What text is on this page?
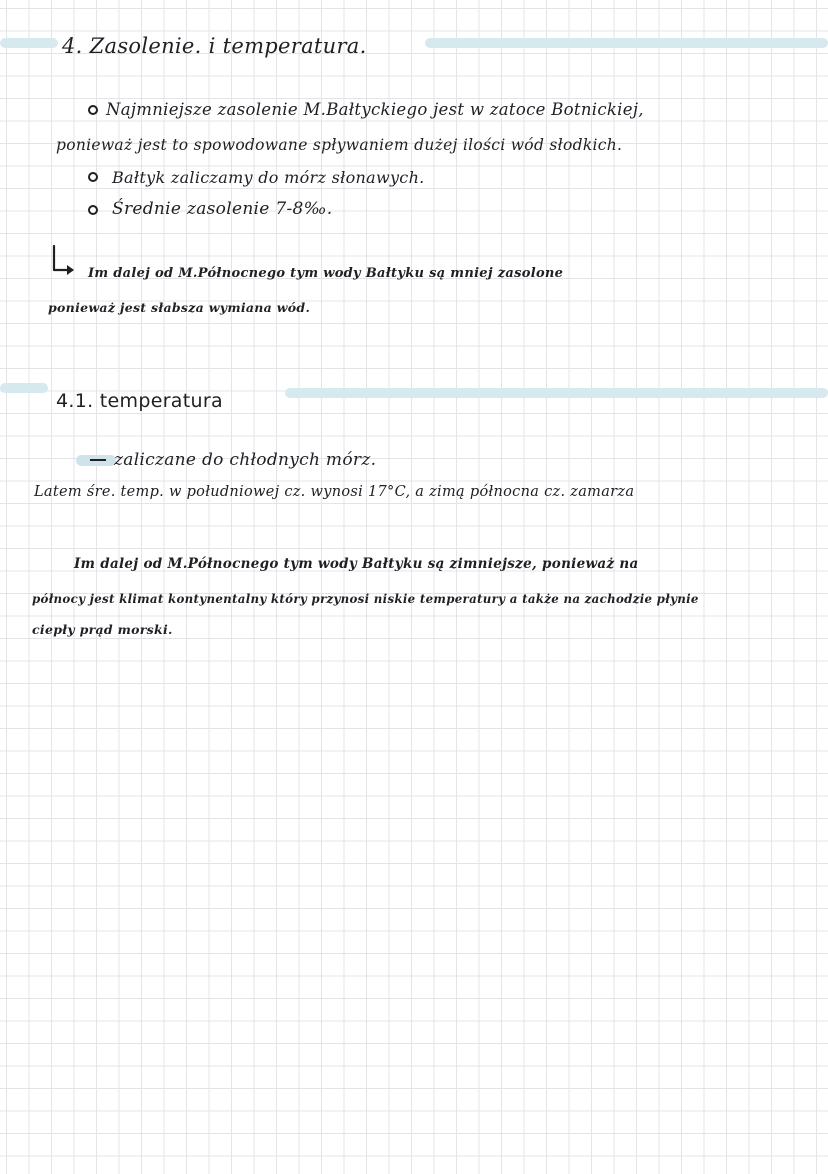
4. Zasolenie. i temperatura.
Najmniejsze zasolenie M.Bałtyckiego jest w zatoce Botnickiej,
ponieważ jest to spowodowane spływaniem dużej ilości wód słodkich.
Bałtyk zaliczamy do mórz słonawych.
Średnie zasolenie 7-8‰.
Im dalej od M.Północnego tym wody Bałtyku są mniej zasolone
ponieważ jest słabsza wymiana wód.
4.1. temperatura
zaliczane do chłodnych mórz.
Latem śre. temp. w południowej cz. wynosi 17°C, a zimą północna cz. zamarza
Im dalej od M.Północnego tym wody Bałtyku są zimniejsze, ponieważ na
północy jest klimat kontynentalny który przynosi niskie temperatury a także na zachodzie płynie
ciepły prąd morski.
